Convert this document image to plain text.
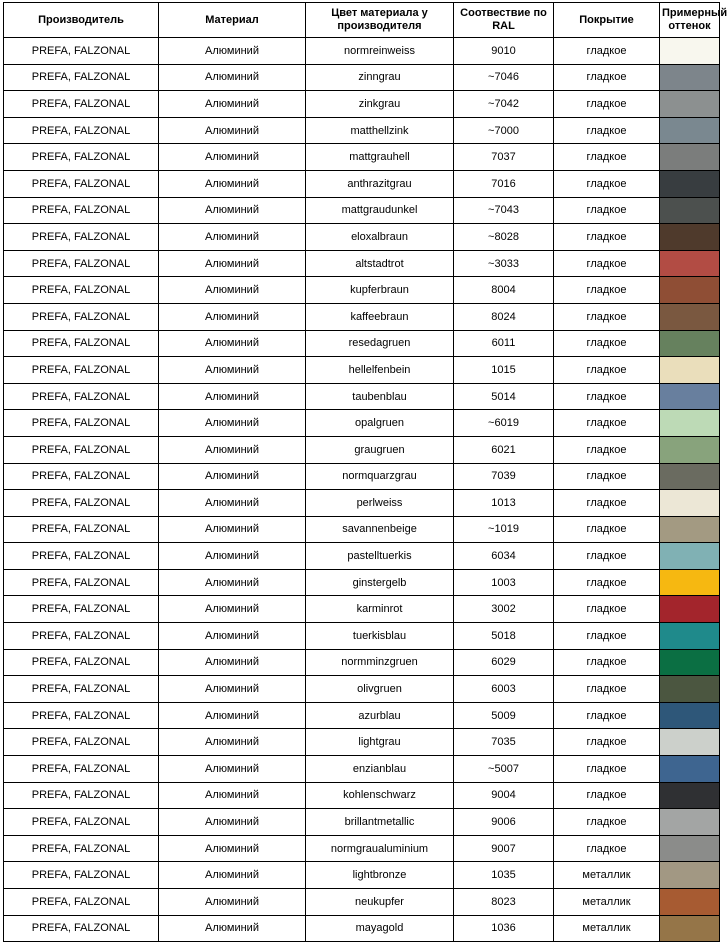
Производитель	Материал	Цвет материала у производителя	Соотвествие по RAL	Покрытие	Примерный оттенок
PREFA, FALZONAL	Алюминий	normreinweiss	9010	гладкое	
PREFA, FALZONAL	Алюминий	zinngrau	~7046	гладкое	
PREFA, FALZONAL	Алюминий	zinkgrau	~7042	гладкое	
PREFA, FALZONAL	Алюминий	matthellzink	~7000	гладкое	
PREFA, FALZONAL	Алюминий	mattgrauhell	7037	гладкое	
PREFA, FALZONAL	Алюминий	anthrazitgrau	7016	гладкое	
PREFA, FALZONAL	Алюминий	mattgraudunkel	~7043	гладкое	
PREFA, FALZONAL	Алюминий	eloxalbraun	~8028	гладкое	
PREFA, FALZONAL	Алюминий	altstadtrot	~3033	гладкое	
PREFA, FALZONAL	Алюминий	kupferbraun	8004	гладкое	
PREFA, FALZONAL	Алюминий	kaffeebraun	8024	гладкое	
PREFA, FALZONAL	Алюминий	resedagruen	6011	гладкое	
PREFA, FALZONAL	Алюминий	hellelfenbein	1015	гладкое	
PREFA, FALZONAL	Алюминий	taubenblau	5014	гладкое	
PREFA, FALZONAL	Алюминий	opalgruen	~6019	гладкое	
PREFA, FALZONAL	Алюминий	graugruen	6021	гладкое	
PREFA, FALZONAL	Алюминий	normquarzgrau	7039	гладкое	
PREFA, FALZONAL	Алюминий	perlweiss	1013	гладкое	
PREFA, FALZONAL	Алюминий	savannenbeige	~1019	гладкое	
PREFA, FALZONAL	Алюминий	pastelltuerkis	6034	гладкое	
PREFA, FALZONAL	Алюминий	ginstergelb	1003	гладкое	
PREFA, FALZONAL	Алюминий	karminrot	3002	гладкое	
PREFA, FALZONAL	Алюминий	tuerkisblau	5018	гладкое	
PREFA, FALZONAL	Алюминий	normminzgruen	6029	гладкое	
PREFA, FALZONAL	Алюминий	olivgruen	6003	гладкое	
PREFA, FALZONAL	Алюминий	azurblau	5009	гладкое	
PREFA, FALZONAL	Алюминий	lightgrau	7035	гладкое	
PREFA, FALZONAL	Алюминий	enzianblau	~5007	гладкое	
PREFA, FALZONAL	Алюминий	kohlenschwarz	9004	гладкое	
PREFA, FALZONAL	Алюминий	brillantmetallic	9006	гладкое	
PREFA, FALZONAL	Алюминий	normgraualuminium	9007	гладкое	
PREFA, FALZONAL	Алюминий	lightbronze	1035	металлик	
PREFA, FALZONAL	Алюминий	neukupfer	8023	металлик	
PREFA, FALZONAL	Алюминий	mayagold	1036	металлик	
